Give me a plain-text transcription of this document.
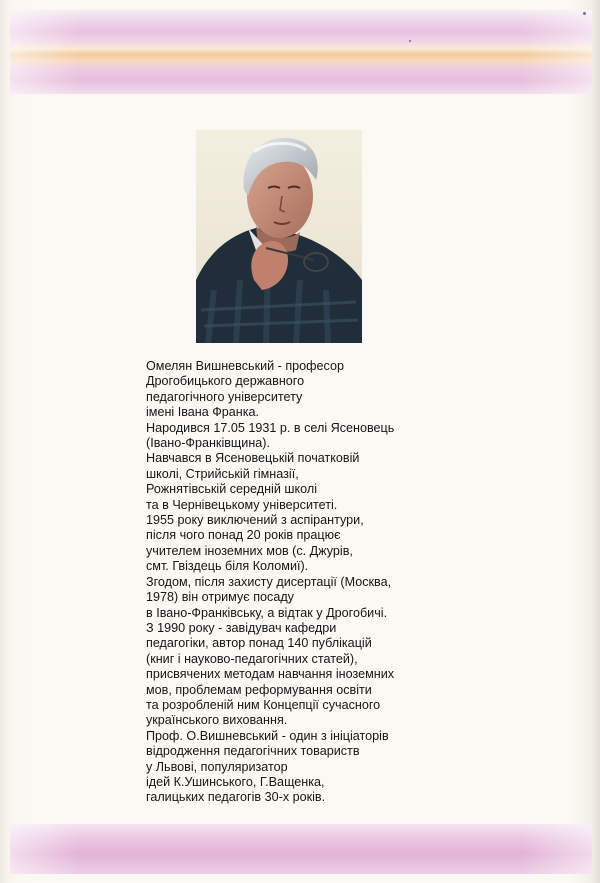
Омелян Вишневський - професор
Дрогобицького державного
педагогічного університету
імені Івана Франка.
Народився 17.05 1931 р. в селі Ясеновець
(Івано-Франківщина).
Навчався в Ясеновецькій початковій
школі, Стрийській гімназії,
Рожнятівській середній школі
та в Чернівецькому університеті.
1955 року виключений з аспірантури,
після чого понад 20 років працює
учителем іноземних мов (с. Джурів,
смт. Гвіздець біля Коломиї).
Згодом, після захисту дисертації (Москва,
1978) він отримує посаду
в Івано-Франківську, а відтак у Дрогобичі.
З 1990 року - завідувач кафедри
педагогіки, автор понад 140 публікацій
(книг і науково-педагогічних статей),
присвячених методам навчання іноземних
мов, проблемам реформування освіти
та розробленій ним Концепції сучасного
українського виховання.
Проф. О.Вишневський - один з ініціаторів
відродження педагогічних товариств
у Львові, популяризатор
ідей К.Ушинського, Г.Ващенка,
галицьких педагогів 30-х років.
